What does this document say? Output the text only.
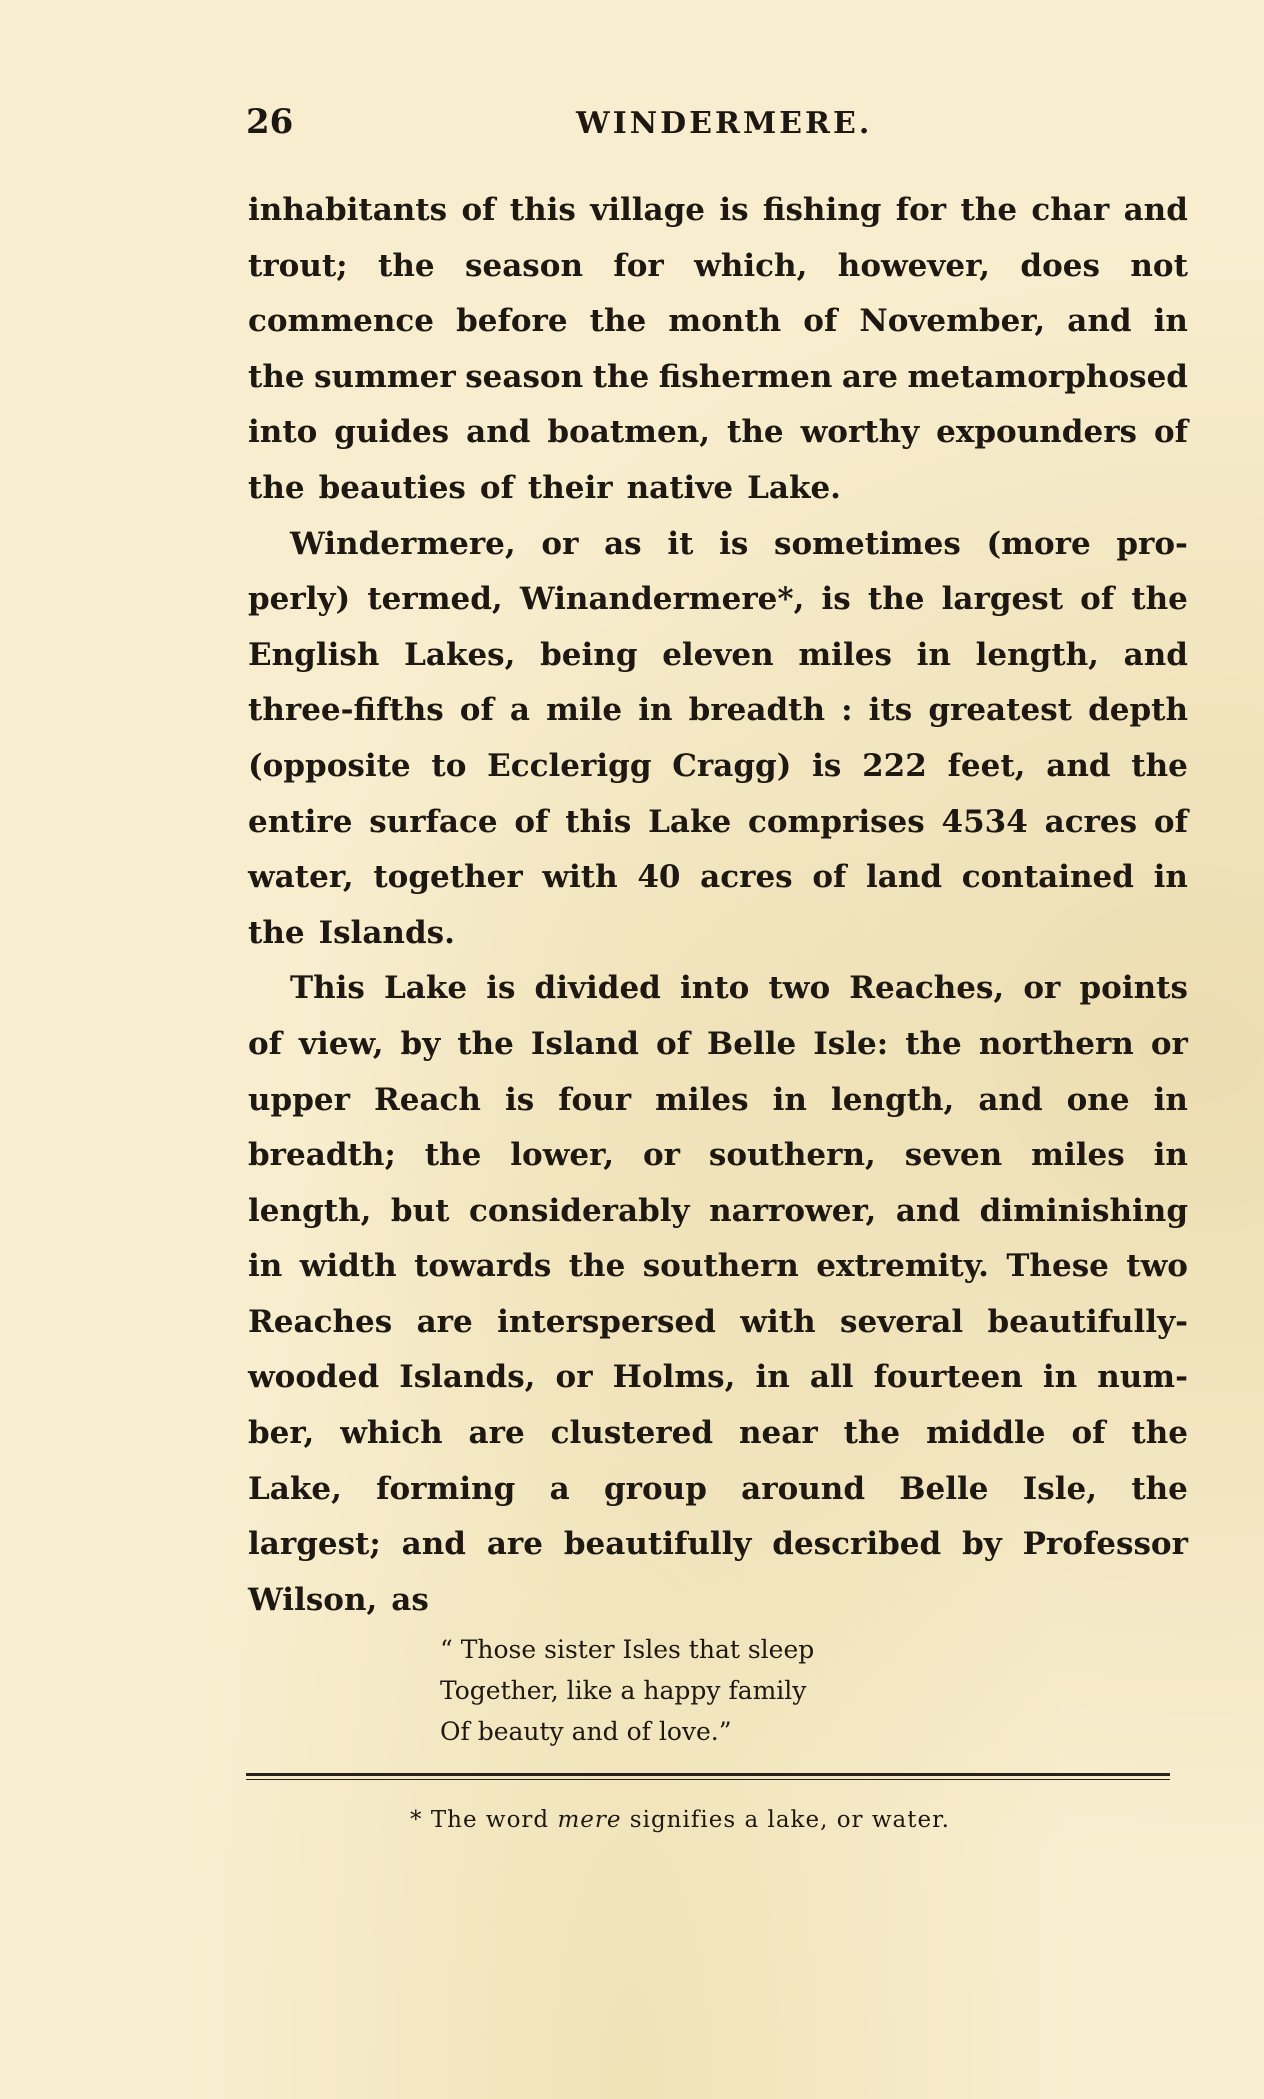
26	WINDERMERE.
inhabitants of this village is fishing for the char and
trout; the season for which, however, does not
commence before the month of November, and in
the summer season the fishermen are metamorphosed
into guides and boatmen, the worthy expounders of
the beauties of their native Lake.
Windermere, or as it is sometimes (more pro-
perly) termed, Winandermere*, is the largest of the
English Lakes, being eleven miles in length, and
three-fifths of a mile in breadth : its greatest depth
(opposite to Ecclerigg Cragg) is 222 feet, and the
entire surface of this Lake comprises 4534 acres of
water, together with 40 acres of land contained in
the Islands.
This Lake is divided into two Reaches, or points
of view, by the Island of Belle Isle: the northern or
upper Reach is four miles in length, and one in
breadth; the lower, or southern, seven miles in
length, but considerably narrower, and diminishing
in width towards the southern extremity. These two
Reaches are interspersed with several beautifully-
wooded Islands, or Holms, in all fourteen in num-
ber, which are clustered near the middle of the
Lake, forming a group around Belle Isle, the
largest; and are beautifully described by Professor
Wilson, as
“ Those sister Isles that sleep
Together, like a happy family
Of beauty and of love.”
* The word mere signifies a lake, or water.
